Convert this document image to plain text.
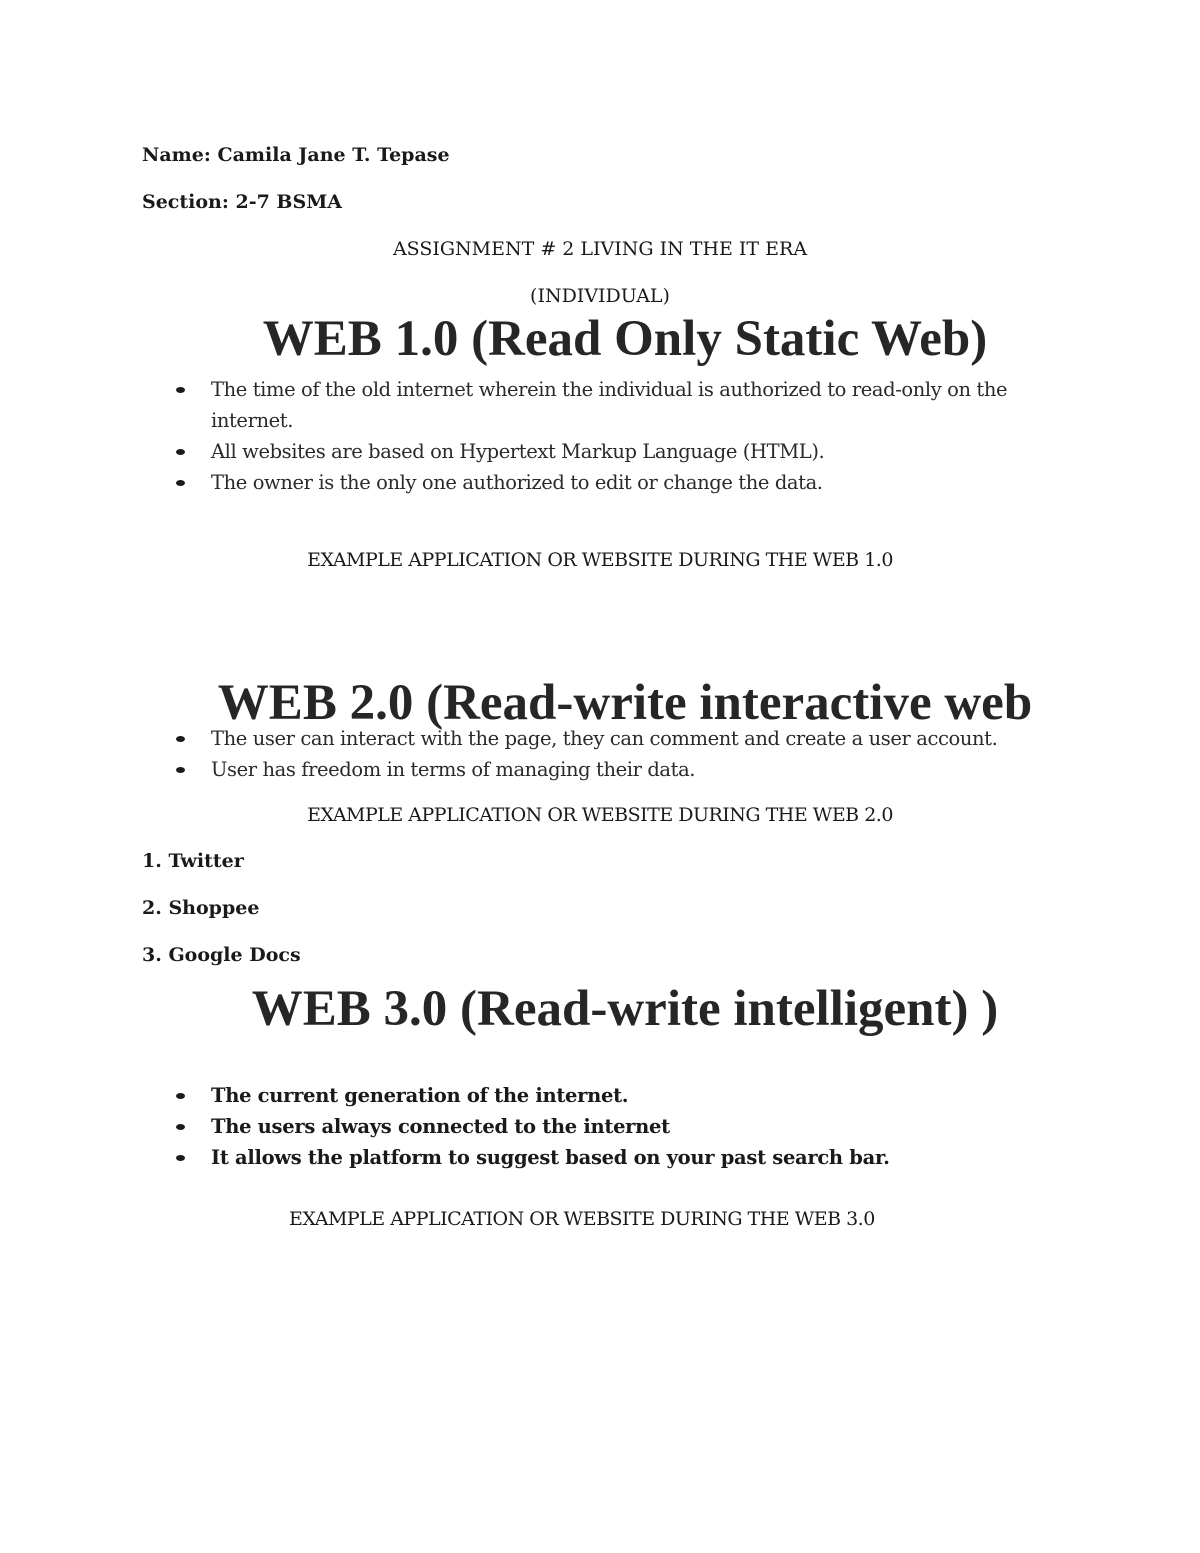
Name: Camila Jane T. Tepase
Section: 2-7 BSMA
ASSIGNMENT # 2 LIVING IN THE IT ERA
(INDIVIDUAL)
WEB 1.0 (Read Only Static Web)
The time of the old internet wherein the individual is authorized to read-only on the internet.
All websites are based on Hypertext Markup Language (HTML).
The owner is the only one authorized to edit or change the data.
EXAMPLE APPLICATION OR WEBSITE DURING THE WEB 1.0
WEB 2.0 (Read-write interactive web
The user can interact with the page, they can comment and create a user account.
User has freedom in terms of managing their data.
EXAMPLE APPLICATION OR WEBSITE DURING THE WEB 2.0
1. Twitter
2. Shoppee
3. Google Docs
WEB 3.0 (Read-write intelligent) )
The current generation of the internet.
The users always connected to the internet
It allows the platform to suggest based on your past search bar.
EXAMPLE APPLICATION OR WEBSITE DURING THE WEB 3.0
